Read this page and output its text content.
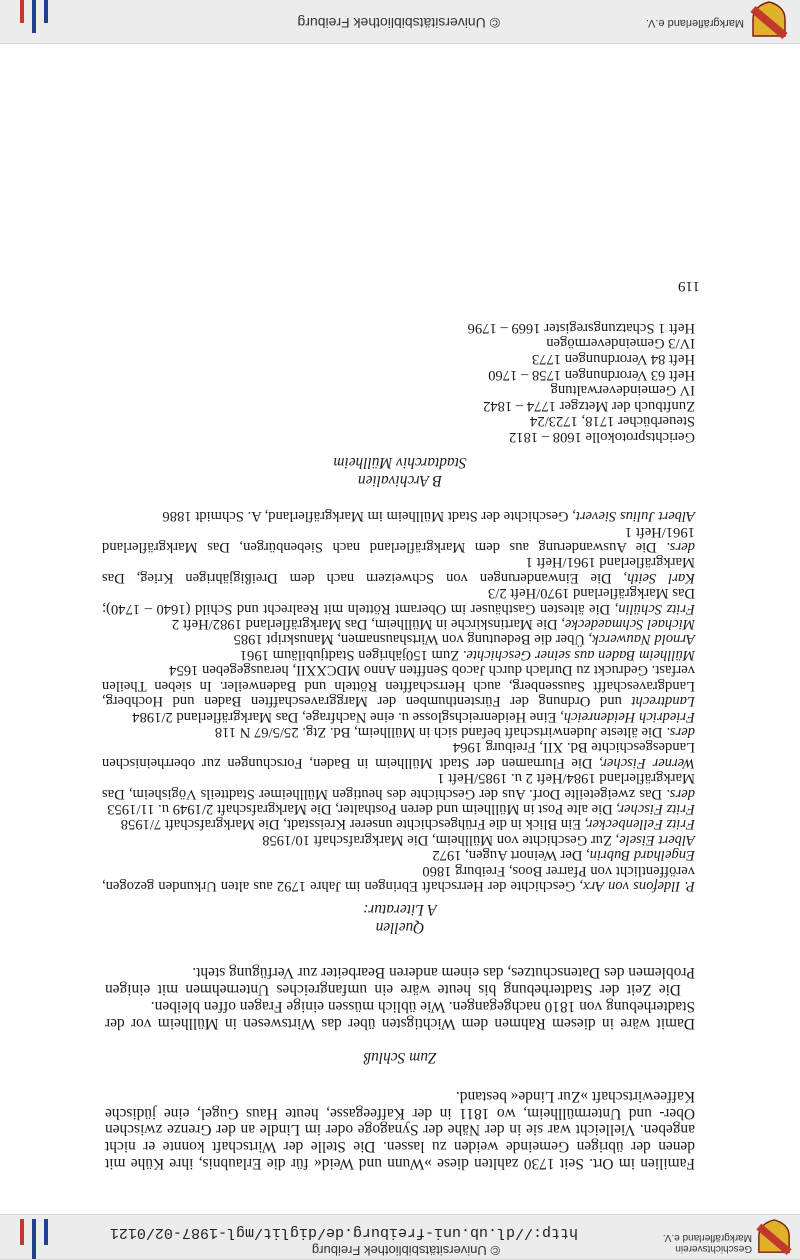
Markgräflerland e.V.
© Universitätsbibliothek Freiburg
Familien im Ort. Seit 1730 zahlten diese »Wunn und Weid« für die Erlaubnis, ihre Kühe mit denen der übrigen Gemeinde weiden zu lassen. Die Stelle der Wirtschaft konnte er nicht angeben. Vielleicht war sie in der Nähe der Synagoge oder im Lindle an der Grenze zwischen Ober- und Untermüllheim, wo 1811 in der Kaffeegasse, heute Haus Gugel, eine jüdische Kaffeewirtschaft »Zur Linde« bestand.
Zum Schluß
Damit wäre in diesem Rahmen dem Wichtigsten über das Wirtswesen in Müllheim vor der Stadterhebung von 1810 nachgegangen. Wie üblich müssen einige Fragen offen bleiben.
Die Zeit der Stadterhebung bis heute wäre ein umfangreiches Unternehmen mit einigen Problemen des Datenschutzes, das einem anderen Bearbeiter zur Verfügung steht.
Quellen
A Literatur:

P. Ildefons von Arx, Geschichte der Herrschaft Ebringen im Jahre 1792 aus alten Urkunden gezogen, veröffentlicht von Pfarrer Boos, Freiburg 1860

Engelhard Bubrin, Der Weinort Augen, 1972

Albert Eisele, Zur Geschichte von Müllheim, Die Markgrafschaft 10/1958

Fritz Fellenbecker, Ein Blick in die Frühgeschichte unserer Kreisstadt, Die Markgrafschaft 7/1958

Fritz Fischer, Die alte Post in Müllheim und deren Posthalter, Die Markgrafschaft 2/1949 u. 11/1953

ders. Das zweigeteilte Dorf. Aus der Geschichte des heutigen Müllheimer Stadtteils Vögisheim, Das Markgräflerland 1984/Heft 2 u. 1985/Heft 1

Werner Fischer, Die Flurnamen der Stadt Müllheim in Baden, Forschungen zur oberrheinischen Landesgeschichte Bd. XII, Freiburg 1964

ders. Die älteste Judenwirtschaft befand sich in Müllheim, Bd. Ztg. 25/5/67 N 118

Friedrich Heidenreich, Eine Heidenreichsglosse u. eine Nachfrage, Das Markgräflerland 2/1984

Landtrecht und Ordnung der Fürstenthumben der Marggraveschafften Baden und Hochberg, Landgraveschafft Saussenberg, auch Herrschafften Rötteln und Badenweiler. In sieben Theilen verfast. Gedruckt zu Durlach durch Jacob Senfften Anno MDCXXII, herausgegeben 1654

Müllheim Baden aus seiner Geschichte. Zum 150jährigen Stadtjubiläum 1961

Arnold Nauwerck, Über die Bedeutung von Wirtshausnamen, Manuskript 1985

Michael Schmaedecke, Die Martinskirche in Müllheim, Das Markgräflerland 1982/Heft 2

Fritz Schülin, Die ältesten Gasthäuser im Oberamt Rötteln mit Realrecht und Schild (1640 – 1740); Das Markgräflerland 1970/Heft 2/3

Karl Seith, Die Einwanderungen von Schweizern nach dem Dreißigjährigen Krieg, Das Markgräflerland 1961/Heft 1

ders. Die Auswanderung aus dem Markgräflerland nach Siebenbürgen, Das Markgräflerland 1961/Heft 1

Albert Julius Sievert, Geschichte der Stadt Müllheim im Markgräflerland, A. Schmidt 1886

B Archivalien
Stadtarchiv Müllheim
Gerichtsprotokolle 1608 – 1812
Steuerbücher 1718, 1723/24
Zunftbuch der Metzger 1774 – 1842
IV Gemeindeverwaltung
Heft 63 Verordnungen 1758 – 1760
Heft 84 Verordnungen 1773
IV/3 Gemeindevermögen
Heft 1 Schatzungsregister 1669 – 1796
119
Geschichtsverein
Markgräflerland e.V.
© Universitätsbibliothek Freiburg
http://dl.ub.uni-freiburg.de/diglit/mgl-1987-02/0121
